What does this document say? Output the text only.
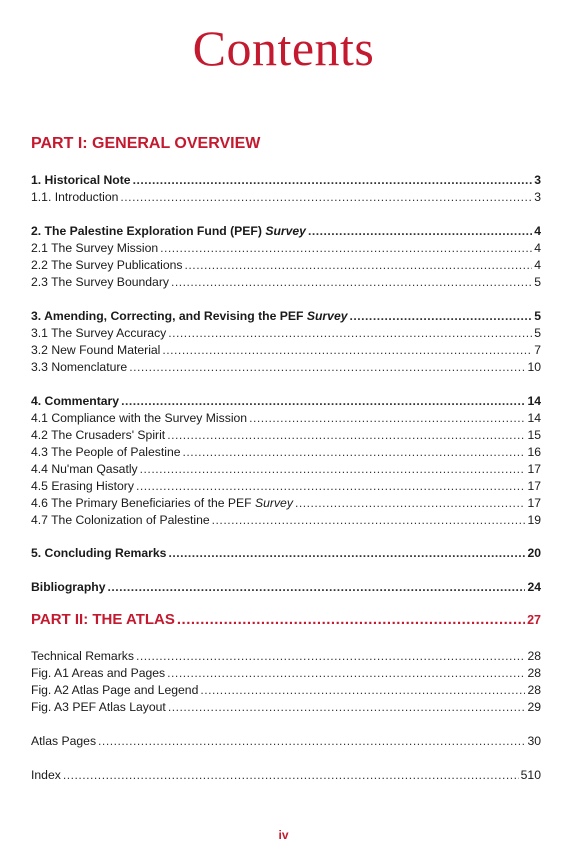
Contents
PART I: GENERAL OVERVIEW
1. Historical Note .....	3
1.1. Introduction .....	3
2. The Palestine Exploration Fund (PEF) Survey .....	4
2.1 The Survey Mission .....	4
2.2 The Survey Publications .....	4
2.3 The Survey Boundary .....	5
3. Amending, Correcting, and Revising the PEF Survey .....	5
3.1 The Survey Accuracy .....	5
3.2 New Found Material .....	7
3.3 Nomenclature .....	10
4. Commentary .....	14
4.1 Compliance with the Survey Mission .....	14
4.2 The Crusaders' Spirit .....	15
4.3 The People of Palestine .....	16
4.4 Nu'man Qasatly .....	17
4.5 Erasing History .....	17
4.6 The Primary Beneficiaries of the PEF Survey .....	17
4.7 The Colonization of Palestine .....	19
5. Concluding Remarks .....	20
Bibliography .....	24
PART II: THE ATLAS .....	27
Technical Remarks .....	28
Fig. A1 Areas and Pages .....	28
Fig. A2 Atlas Page and Legend .....	28
Fig. A3 PEF Atlas Layout .....	29
Atlas Pages .....	30
Index .....	510
iv
